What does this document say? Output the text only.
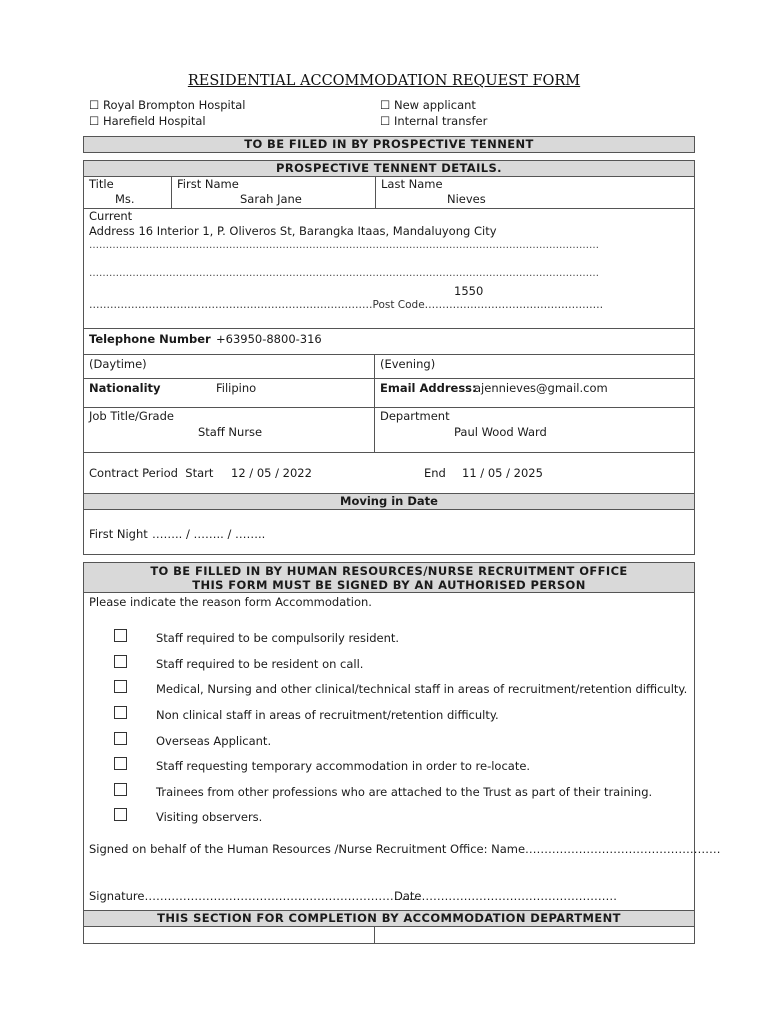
RESIDENTIAL ACCOMMODATION REQUEST FORM
☐ Royal Brompton Hospital
☐ Harefield Hospital
☐ New applicant
☐ Internal transfer
TO BE FILED IN BY PROSPECTIVE TENNENT
PROSPECTIVE TENNENT DETAILS.
Title
Ms.
First Name
Sarah Jane
Last Name
Nieves
Current
Address 16 Interior 1, P. Oliveros St, Barangka Itaas, Mandaluyong City
………………………………………………………………………………………………………………………………………
………………………………………………………………………………………………………………………………………
1550
………………………………………………………………………Post Code……………………………………………
Telephone Number +63950-8800-316
(Daytime)	(Evening)
Nationality	Filipino	Email Address:
ajennieves@gmail.com
Job Title/Grade
Staff Nurse
Department
Paul Wood Ward
Contract Period  Start 12 / 05 / 2022	End 11 / 05 / 2025
Moving in Date
First Night …….. / …….. / ……..
TO BE FILLED IN BY HUMAN RESOURCES/NURSE RECRUITMENT OFFICE
THIS FORM MUST BE SIGNED BY AN AUTHORISED PERSON
Please indicate the reason form Accommodation.
Staff required to be compulsorily resident.
Staff required to be resident on call.
Medical, Nursing and other clinical/technical staff in areas of recruitment/retention difficulty.
Non clinical staff in areas of recruitment/retention difficulty.
Overseas Applicant.
Staff requesting temporary accommodation in order to re-locate.
Trainees from other professions who are attached to the Trust as part of their training.
Visiting observers.
Signed on behalf of the Human Resources /Nurse Recruitment Office: Name……………………………………………
Signature………………………………………………………………
Date……………………………………………
THIS SECTION FOR COMPLETION BY ACCOMMODATION DEPARTMENT
